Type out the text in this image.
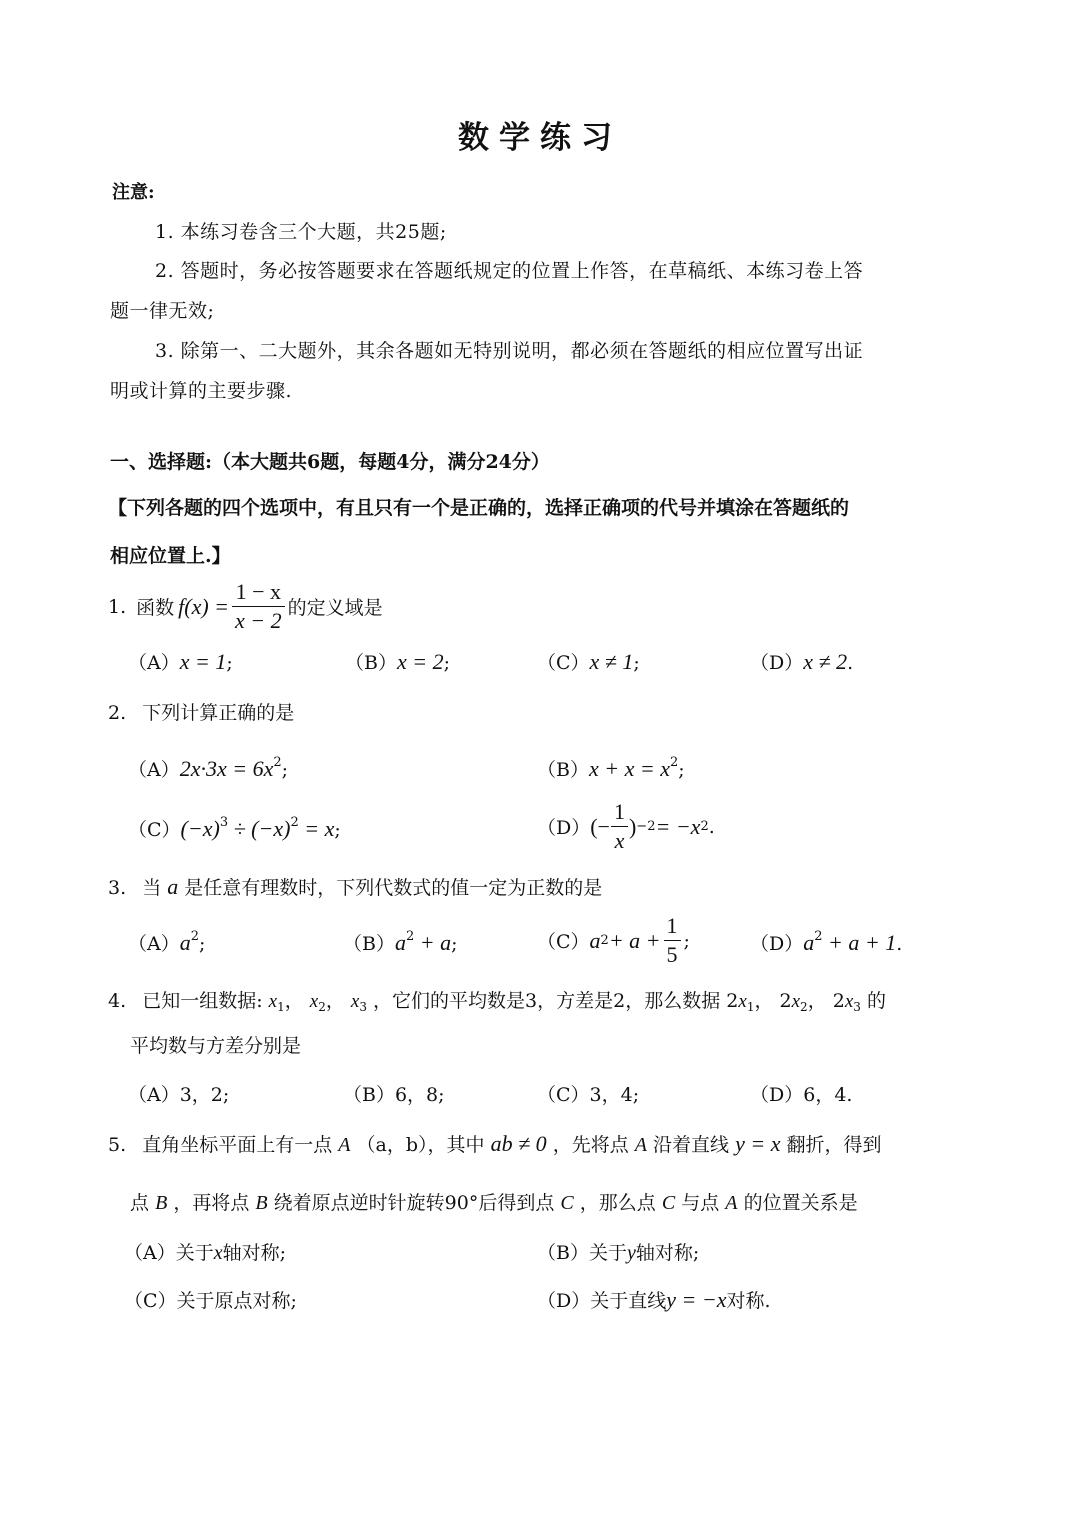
数学练习
注意:
1. 本练习卷含三个大题，共25题;
2. 答题时，务必按答题要求在答题纸规定的位置上作答，在草稿纸、本练习卷上答
题一律无效;
3. 除第一、二大题外，其余各题如无特别说明，都必须在答题纸的相应位置写出证
明或计算的主要步骤.
一、选择题:（本大题共6题，每题4分，满分24分）
【下列各题的四个选项中，有且只有一个是正确的，选择正确项的代号并填涂在答题纸的
相应位置上.】
1. 函数 $f(x) = \frac{1 - x}{x - 2}$ 的定义域是
（A）x = 1;	（B）x = 2;	（C）x ≠ 1;	（D）x ≠ 2.
2. 下列计算正确的是
$(A)2x\cdot 3x = 6x^2$;	$(B)x + x = x^2$;
$(C)(-x)^3 \div (-x)^2 = x$;	（D） (− $\frac{1}{x}$ ) −2 = −x 2 .
3. 当 a 是任意有理数时，下列代数式的值一定为正数的是
$(A)a^2$;	$(B)a^2 + a$;	（C） a $2 + a + \frac{1}{5}$ ;	$(D)a^2 + a + 1$.
4. 已知一组数据: $x_1$， $x_2$， $x_3$ ，它们的平均数是3，方差是2，那么数据 $2x_1$， $2x_2$， $2x_3$ 的
平均数与方差分别是
（A）3，2;	（B）6，8;	（C）3，4;	（D）6，4.
5. 直角坐标平面上有一点 A （a，b），其中 ab ≠ 0 ，先将点 A 沿着直线 y = x 翻折，得到
点 B ，再将点 B 绕着原点逆时针旋转90°后得到点 C ，那么点 C 与点 A 的位置关系是
（A）关于x轴对称;	（B）关于y轴对称;
（C）关于原点对称;	（D）关于直线y = −x对称.
